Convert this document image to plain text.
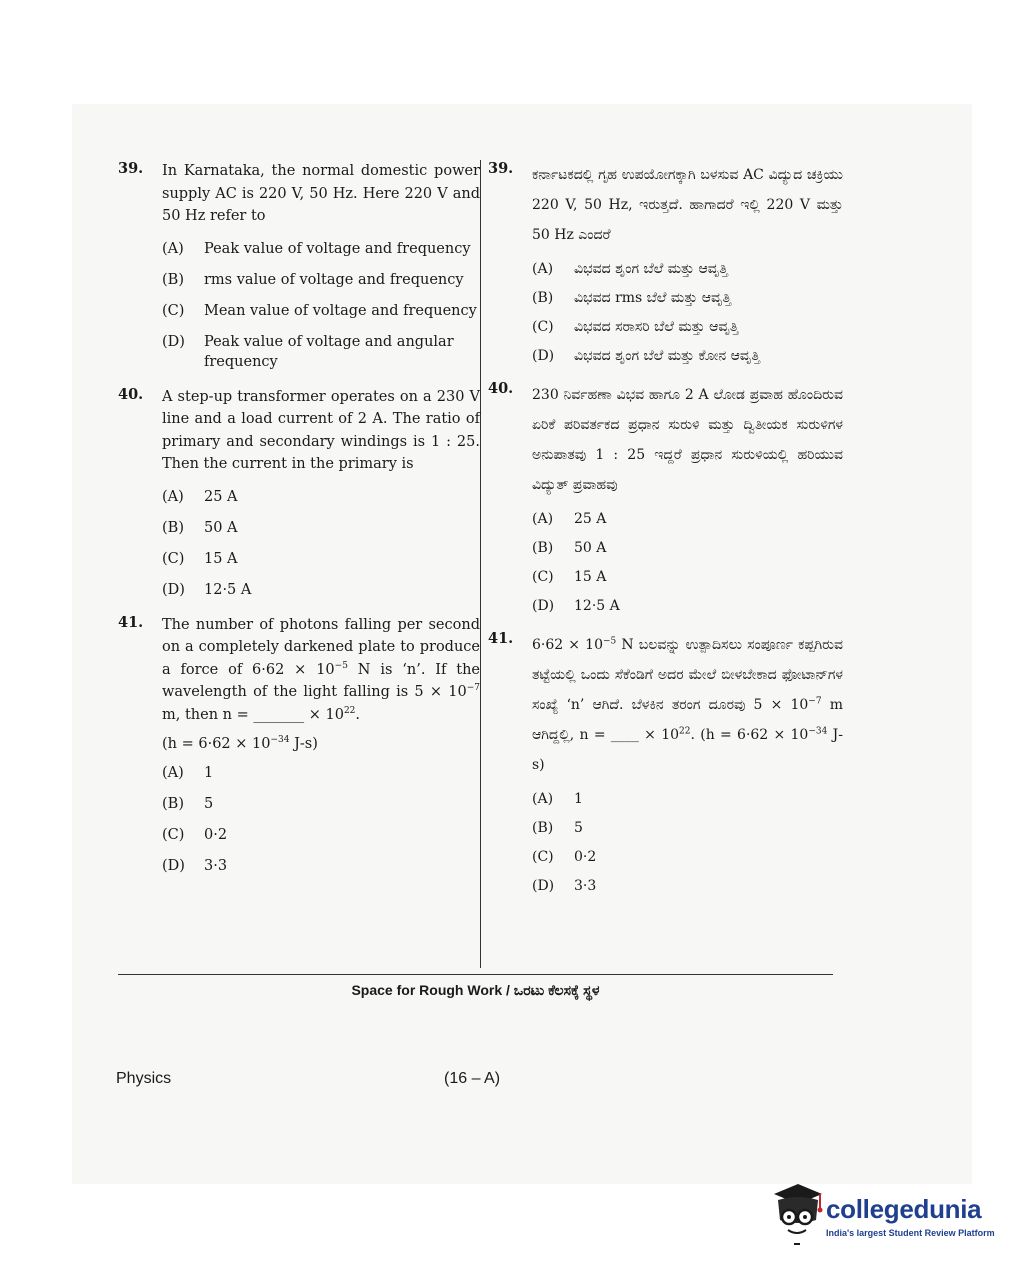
39. In Karnataka, the normal domestic power supply AC is 220 V, 50 Hz. Here 220 V and 50 Hz refer to
(A) Peak value of voltage and frequency
(B) rms value of voltage and frequency
(C) Mean value of voltage and frequency
(D) Peak value of voltage and angular frequency
40. A step-up transformer operates on a 230 V line and a load current of 2 A. The ratio of primary and secondary windings is 1 : 25. Then the current in the primary is
(A) 25 A
(B) 50 A
(C) 15 A
(D) 12·5 A
41. The number of photons falling per second on a completely darkened plate to produce a force of $6\cdot 62 \times 10^{-5}$ N is ‘n’. If the wavelength of the light falling is $5 \times 10^{-7}$ m, then n = _______ × $10^{22}$.
($h = 6\cdot 62 \times 10^{-34}$ J-s)
(A) 1
(B) 5
(C) 0·2
(D) 3·3
39. ಕರ್ನಾಟಕದಲ್ಲಿ ಗೃಹ ಉಪಯೋಗಕ್ಕಾಗಿ ಬಳಸುವ AC ವಿದ್ಯುದ ಚಕ್ರಿಯು 220 V, 50 Hz, ಇರುತ್ತದೆ. ಹಾಗಾದರೆ ಇಲ್ಲಿ 220 V ಮತ್ತು 50 Hz ಎಂದರೆ
(A) ವಿಭವದ ಶೃಂಗ ಬೆಲೆ ಮತ್ತು ಆವೃತ್ತಿ
(B) ವಿಭವದ rms ಬೆಲೆ ಮತ್ತು ಆವೃತ್ತಿ
(C) ವಿಭವದ ಸರಾಸರಿ ಬೆಲೆ ಮತ್ತು ಆವೃತ್ತಿ
(D) ವಿಭವದ ಶೃಂಗ ಬೆಲೆ ಮತ್ತು ಕೋನ ಆವೃತ್ತಿ
40. 230 ನಿರ್ವಹಣಾ ವಿಭವ ಹಾಗೂ 2 A ಲೋಡ ಪ್ರವಾಹ ಹೊಂದಿರುವ ಏರಿಕೆ ಪರಿವರ್ತಕದ ಪ್ರಧಾನ ಸುರುಳಿ ಮತ್ತು ದ್ವಿತೀಯಕ ಸುರುಳಿಗಳ ಅನುಪಾತವು 1 : 25 ಇದ್ದರೆ ಪ್ರಧಾನ ಸುರುಳಿಯಲ್ಲಿ ಹರಿಯುವ ವಿದ್ಯುತ್ ಪ್ರವಾಹವು
(A) 25 A
(B) 50 A
(C) 15 A
(D) 12·5 A
41. $6\cdot 62 \times 10^{-5}$ N ಬಲವನ್ನು ಉತ್ಪಾದಿಸಲು ಸಂಪೂರ್ಣ ಕಪ್ಪಗಿರುವ ತಟ್ಟೆಯಲ್ಲಿ ಒಂದು ಸೆಕೆಂಡಿಗೆ ಅದರ ಮೇಲೆ ಬೀಳಬೇಕಾದ ಫೋಟಾನ್‌ಗಳ ಸಂಖ್ಯೆ ‘n’ ಆಗಿದೆ. ಬೆಳಕಿನ ತರಂಗ ದೂರವು $5 \times 10^{-7}$ m ಆಗಿದ್ದಲ್ಲಿ, n = ____ × $10^{22}$. ($h = 6\cdot 62 \times 10^{-34}$ J-s)
(A) 1
(B) 5
(C) 0·2
(D) 3·3
Space for Rough Work / ಒರಟು ಕೆಲಸಕ್ಕೆ ಸ್ಥಳ
Physics	(16 – A)
collegedunia
India's largest Student Review Platform
